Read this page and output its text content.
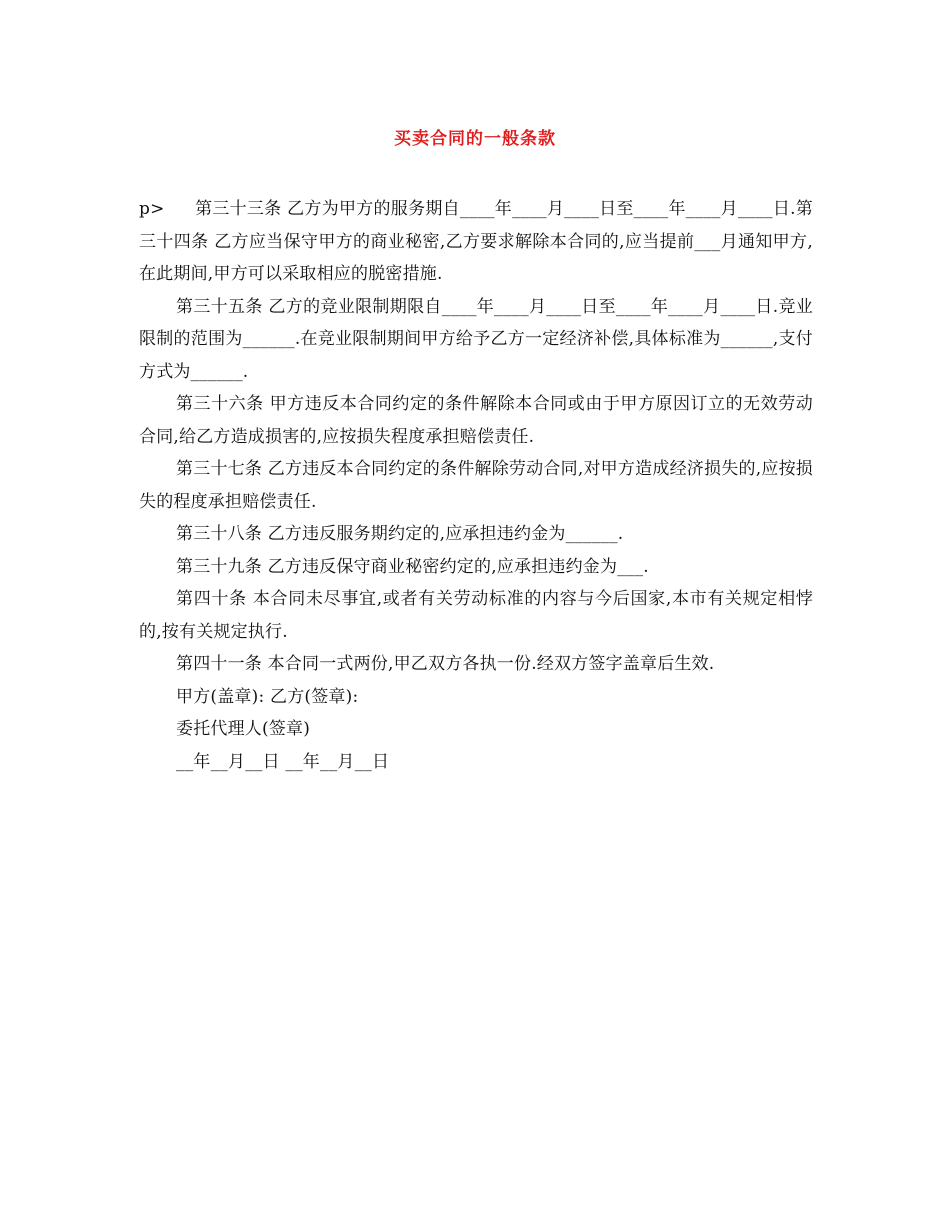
买卖合同的一般条款

p> 第三十三条 乙方为甲方的服务期自____年____月____日至____年____月____日.第三十四条 乙方应当保守甲方的商业秘密,乙方要求解除本合同的,应当提前___月通知甲方,在此期间,甲方可以采取相应的脱密措施.

第三十五条 乙方的竞业限制期限自____年____月____日至____年____月____日.竞业限制的范围为______.在竞业限制期间甲方给予乙方一定经济补偿,具体标准为______,支付方式为______.

第三十六条 甲方违反本合同约定的条件解除本合同或由于甲方原因订立的无效劳动合同,给乙方造成损害的,应按损失程度承担赔偿责任.

第三十七条 乙方违反本合同约定的条件解除劳动合同,对甲方造成经济损失的,应按损失的程度承担赔偿责任.

第三十八条 乙方违反服务期约定的,应承担违约金为______.

第三十九条 乙方违反保守商业秘密约定的,应承担违约金为___.

第四十条 本合同未尽事宜,或者有关劳动标准的内容与今后国家,本市有关规定相悖的,按有关规定执行.

第四十一条 本合同一式两份,甲乙双方各执一份.经双方签字盖章后生效.

甲方(盖章): 乙方(签章):

委托代理人(签章)

__年__月__日 __年__月__日
